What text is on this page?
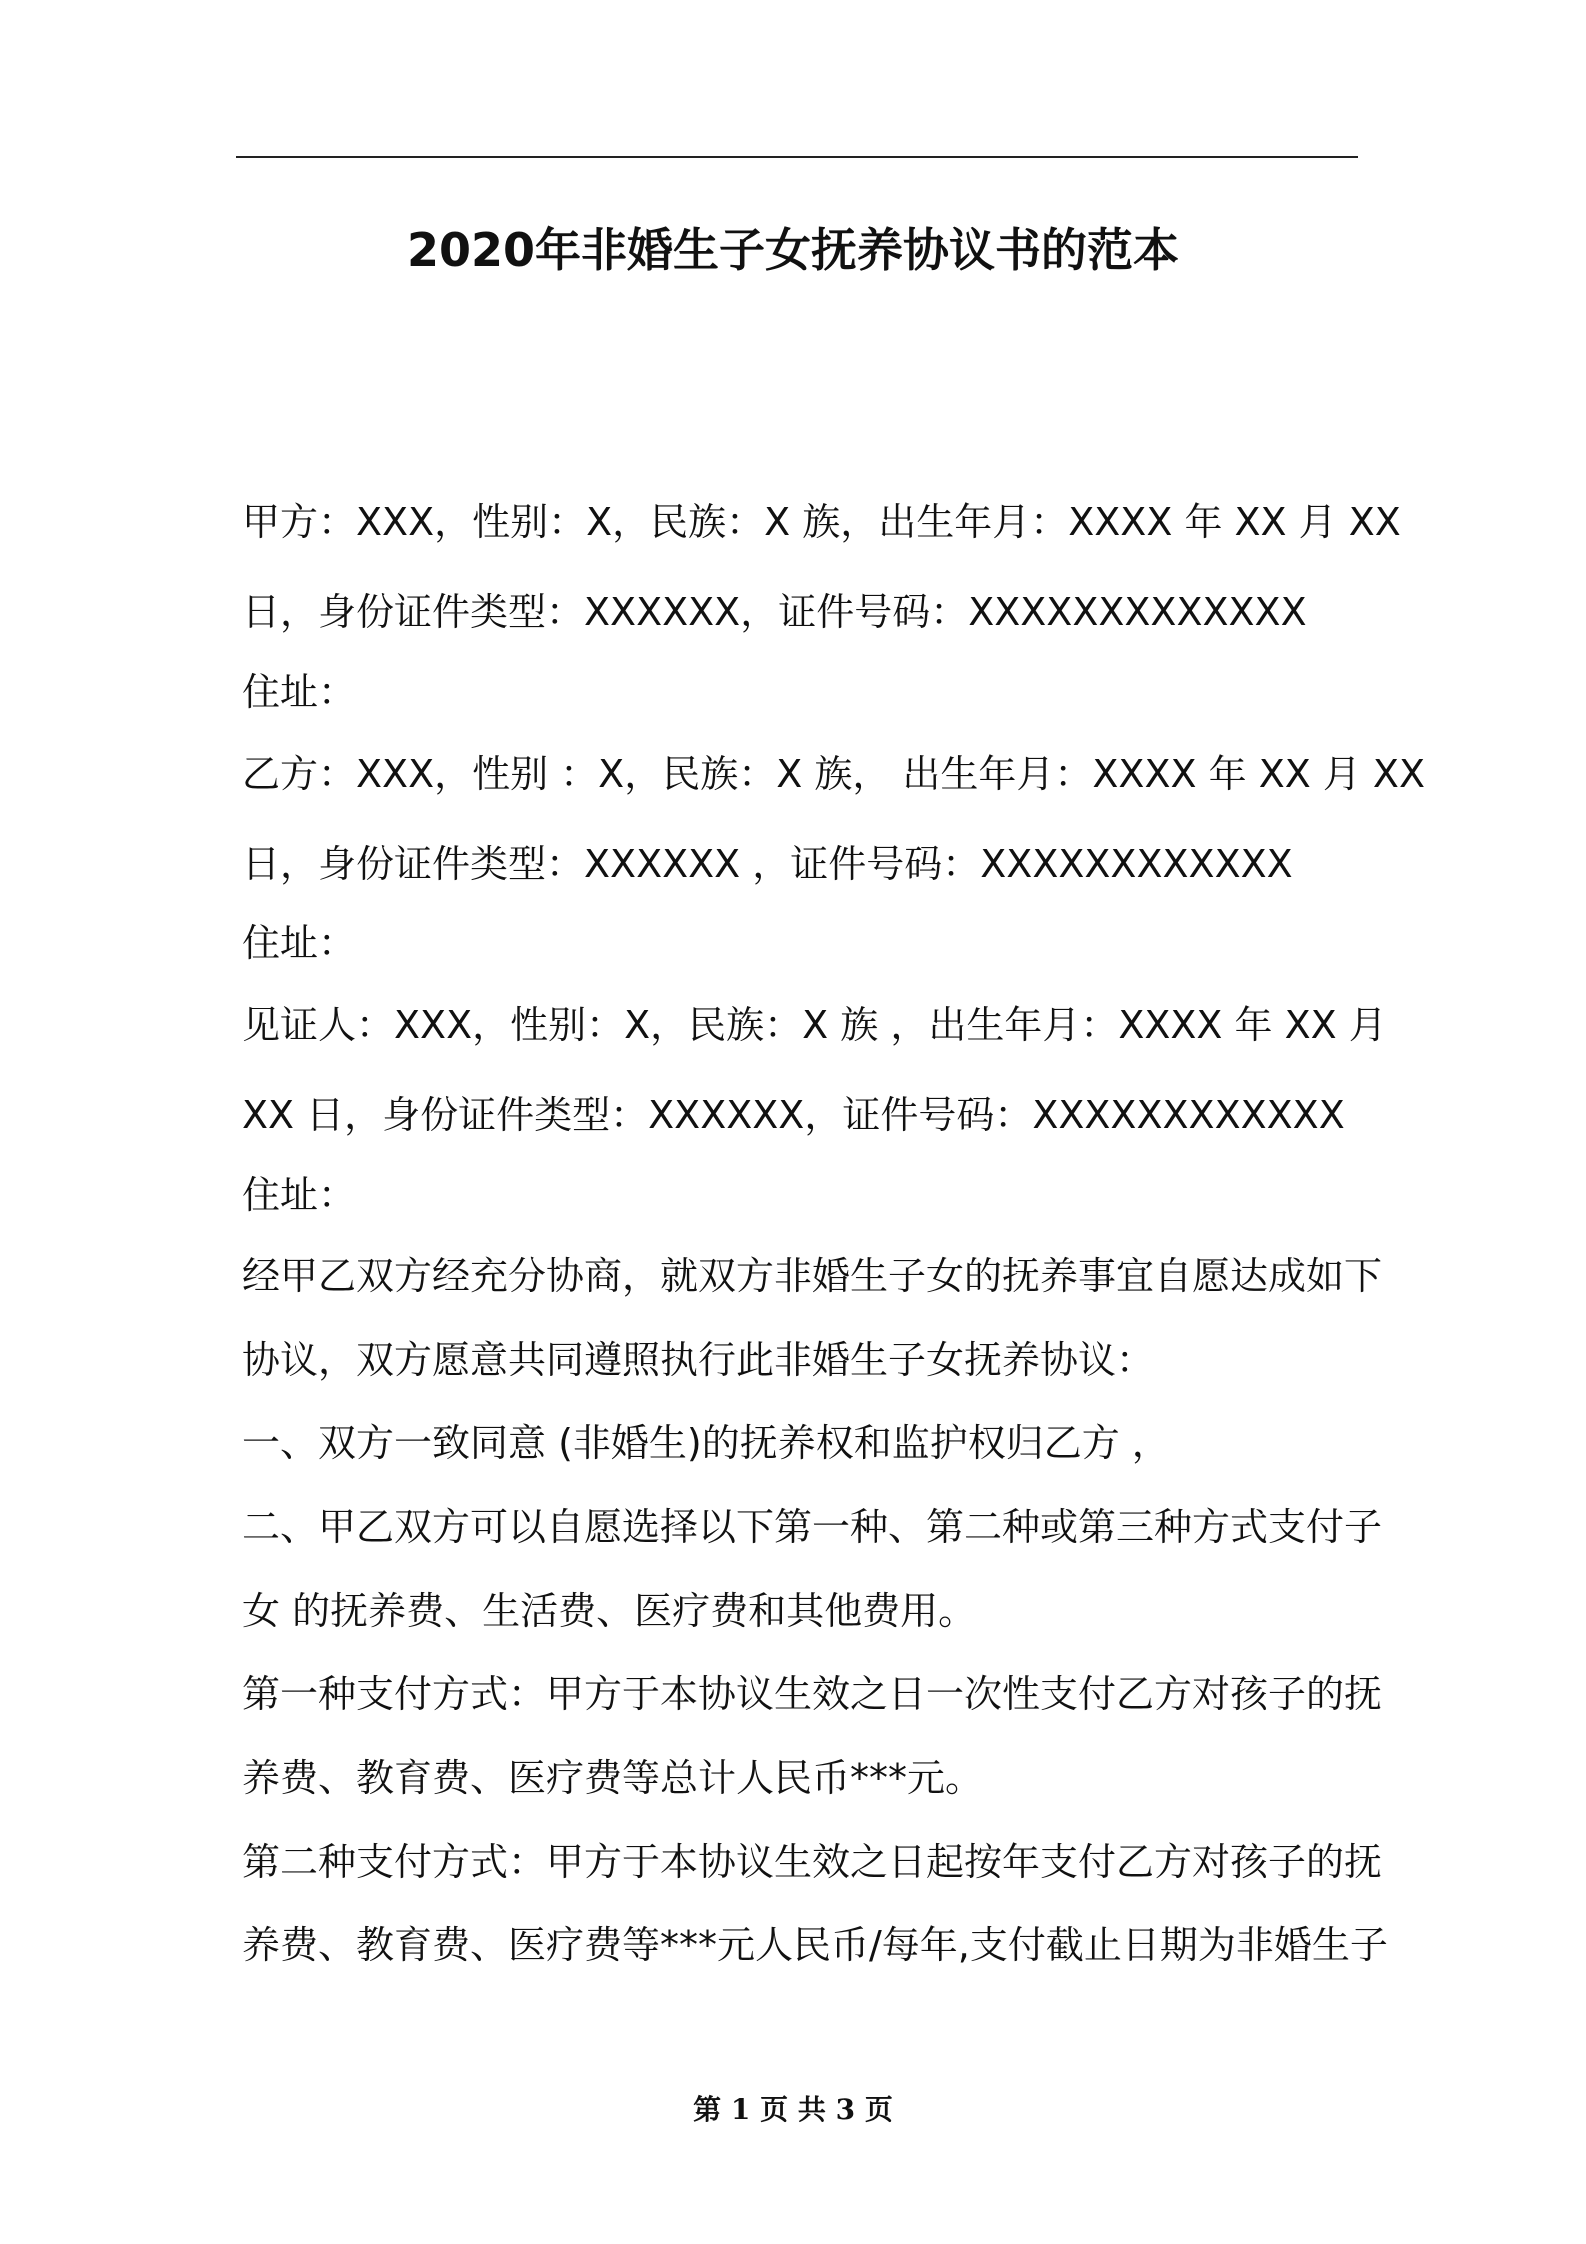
2020年非婚生子女抚养协议书的范本
甲方：XXX，性别：X，民族：X 族，出生年月：XXXX 年 XX 月 XX
日，身份证件类型：XXXXXX，证件号码：XXXXXXXXXXXXX
住址：
乙方：XXX，性别 ：X，民族：X 族， 出生年月：XXXX 年 XX 月 XX
日，身份证件类型：XXXXXX ，证件号码：XXXXXXXXXXXX
住址：
见证人：XXX，性别：X，民族：X 族 ，出生年月：XXXX 年 XX 月
XX 日，身份证件类型：XXXXXX，证件号码：XXXXXXXXXXXX
住址：
经甲乙双方经充分协商，就双方非婚生子女的抚养事宜自愿达成如下
协议，双方愿意共同遵照执行此非婚生子女抚养协议：
一、双方一致同意 (非婚生)的抚养权和监护权归乙方 ，
二、甲乙双方可以自愿选择以下第一种、第二种或第三种方式支付子
女 的抚养费、生活费、医疗费和其他费用。
第一种支付方式：甲方于本协议生效之日一次性支付乙方对孩子的抚
养费、教育费、医疗费等总计人民币***元。
第二种支付方式：甲方于本协议生效之日起按年支付乙方对孩子的抚
养费、教育费、医疗费等***元人民币/每年,支付截止日期为非婚生子
第 1 页 共 3 页
